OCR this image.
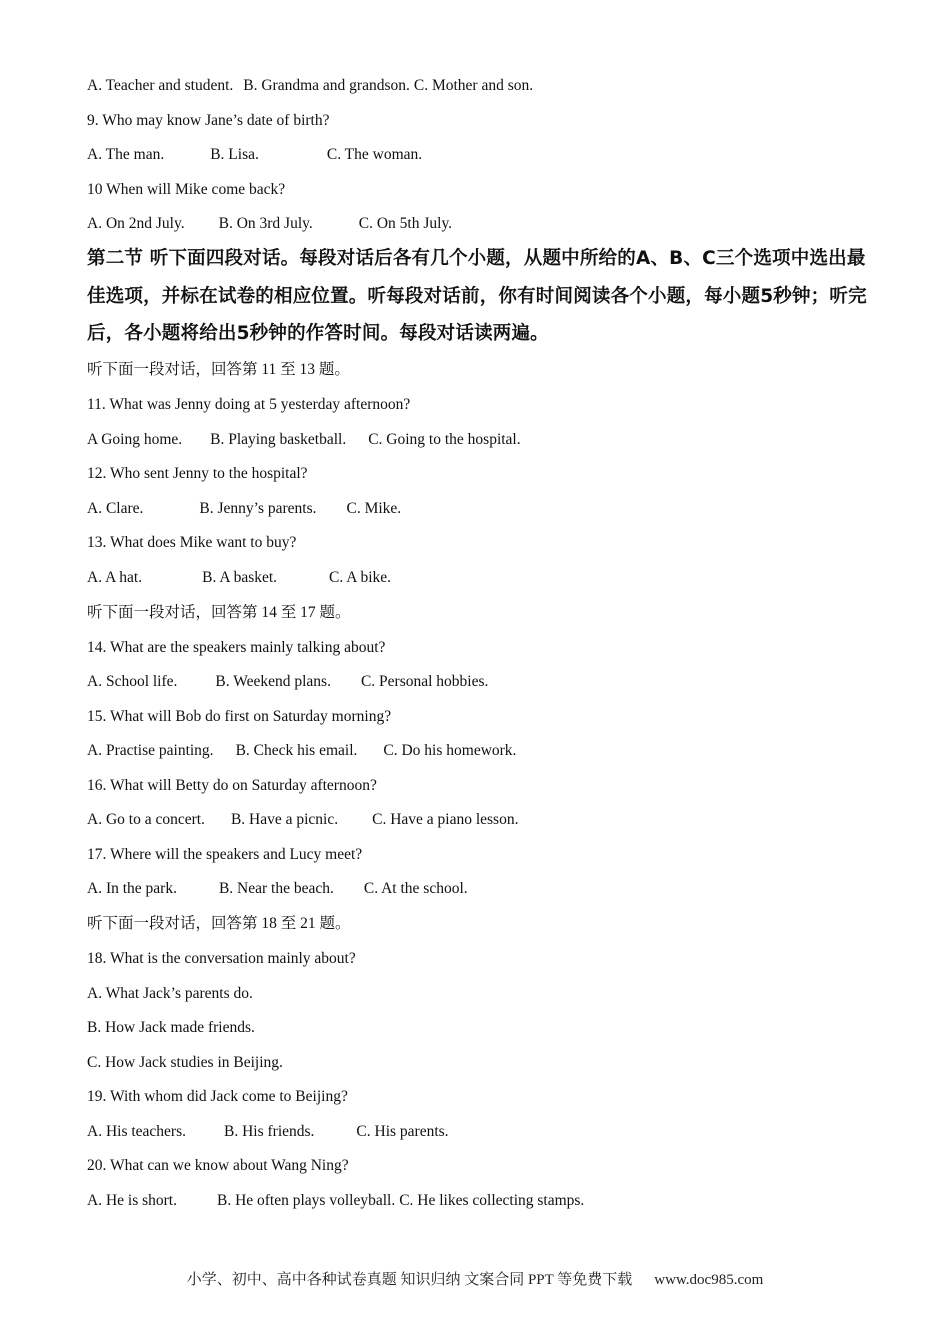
A. Teacher and student. B. Grandma and grandson. C. Mother and son.
9. Who may know Jane’s date of birth?
A. The man.	B. Lisa.	C. The woman.
10 When will Mike come back?
A. On 2nd July. B. On 3rd July.	C. On 5th July.
第二节 听下面四段对话。每段对话后各有几个小题，从题中所给的A、B、C三个选项中选出最佳选项，并标在试卷的相应位置。听每段对话前，你有时间阅读各个小题，每小题5秒钟；听完后，各小题将给出5秒钟的作答时间。每段对话读两遍。
听下面一段对话，回答第 11 至 13 题。
11. What was Jenny doing at 5 yesterday afternoon?
A Going home. B. Playing basketball. C. Going to the hospital.
12. Who sent Jenny to the hospital?
A. Clare.	B. Jenny’s parents. C. Mike.
13. What does Mike want to buy?
A. A hat.	B. A basket.	C. A bike.
听下面一段对话，回答第 14 至 17 题。
14. What are the speakers mainly talking about?
A. School life. B. Weekend plans. C. Personal hobbies.
15. What will Bob do first on Saturday morning?
A. Practise painting. B. Check his email. C. Do his homework.
16. What will Betty do on Saturday afternoon?
A. Go to a concert. B. Have a picnic. C. Have a piano lesson.
17. Where will the speakers and Lucy meet?
A. In the park.	B. Near the beach. C. At the school.
听下面一段对话，回答第 18 至 21 题。
18. What is the conversation mainly about?
A. What Jack’s parents do.
B. How Jack made friends.
C. How Jack studies in Beijing.
19. With whom did Jack come to Beijing?
A. His teachers. B. His friends.	C. His parents.
20. What can we know about Wang Ning?
A. He is short.	B. He often plays volleyball. C. He likes collecting stamps.
小学、初中、高中各种试卷真题 知识归纳 文案合同 PPT 等免费下载 www.doc985.com
